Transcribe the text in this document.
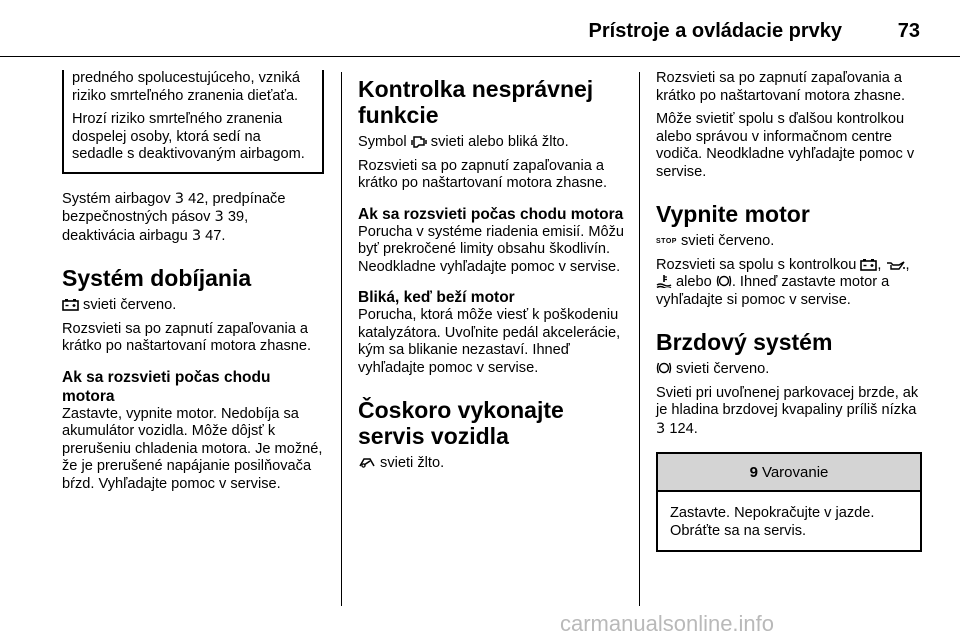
Prístroje a ovládacie prvky	73
predného spolucestujúceho, vzniká riziko smrteľného zranenia dieťaťa.
Hrozí riziko smrteľného zranenia dospelej osoby, ktorá sedí na sedadle s deaktivovaným airbagom.
Systém airbagov 3 42, predpínače bezpečnostných pásov 3 39, deaktivácia airbagu 3 47.
Systém dobíjania
svieti červeno.
Rozsvieti sa po zapnutí zapaľovania a krátko po naštartovaní motora zhasne.
Ak sa rozsvieti počas chodu motora
Zastavte, vypnite motor. Nedobíja sa akumulátor vozidla. Môže dôjsť k prerušeniu chladenia motora. Je možné, že je prerušené napájanie posilňovača bŕzd. Vyhľadajte pomoc v servise.
Kontrolka nesprávnej funkcie
Symbol
svieti alebo bliká žlto.
Rozsvieti sa po zapnutí zapaľovania a krátko po naštartovaní motora zhasne.
Ak sa rozsvieti počas chodu motora
Porucha v systéme riadenia emisií. Môžu byť prekročené limity obsahu škodlivín. Neodkladne vyhľadajte pomoc v servise.
Bliká, keď beží motor
Porucha, ktorá môže viesť k poškodeniu katalyzátora. Uvoľnite pedál akcelerácie, kým sa blikanie nezastaví. Ihneď vyhľadajte pomoc v servise.
Čoskoro vykonajte servis vozidla
svieti žlto.
Rozsvieti sa po zapnutí zapaľovania a krátko po naštartovaní motora zhasne.
Môže svietiť spolu s ďalšou kontrolkou alebo správou v informačnom centre vodiča. Neodkladne vyhľadajte pomoc v servise.
Vypnite motor
STOP svieti červeno.
Rozsvieti sa spolu s kontrolkou
,
,
alebo
. Ihneď zastavte motor a vyhľadajte si pomoc v servise.
Brzdový systém
svieti červeno.
Svieti pri uvoľnenej parkovacej brzde, ak je hladina brzdovej kvapaliny príliš nízka 3 124.
9 Varovanie
Zastavte. Nepokračujte v jazde. Obráťte sa na servis.
carmanualsonline.info
